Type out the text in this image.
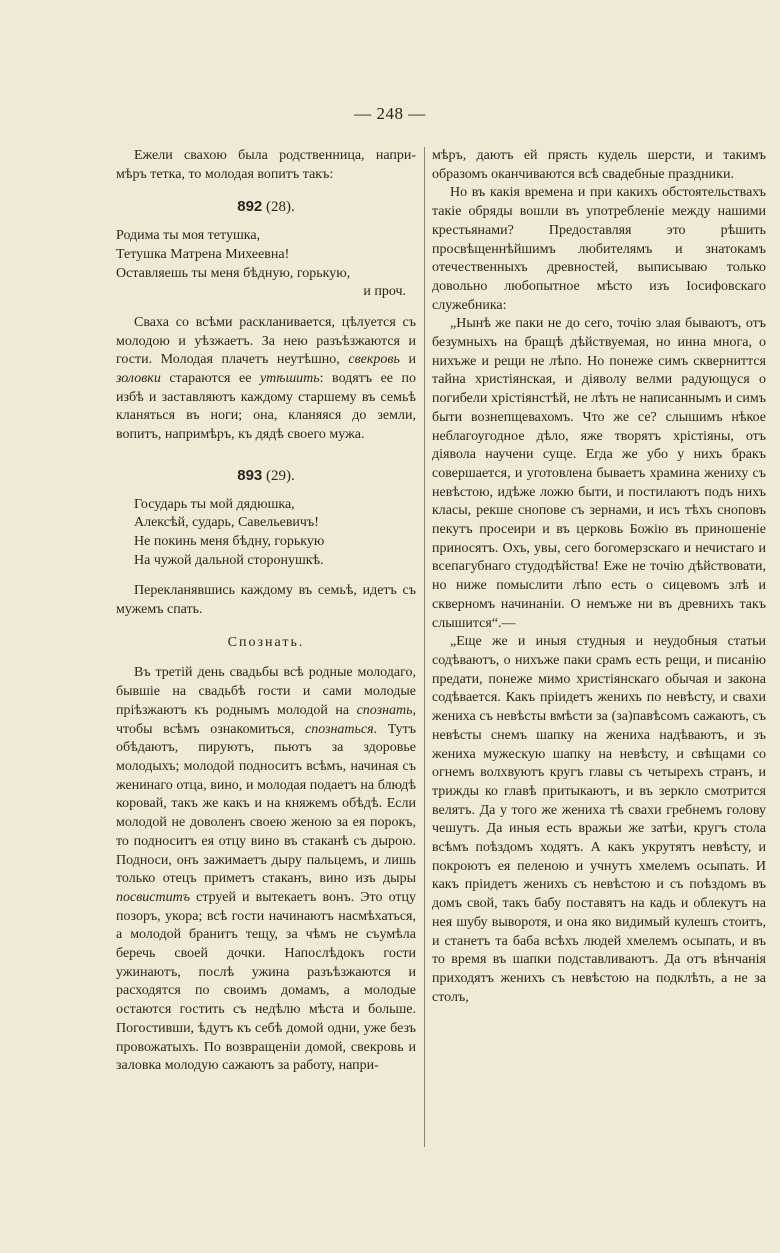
— 248 —

Ежели свахою была родственница, напри- мѣръ тетка, то молодая вопитъ такъ:

892 (28).
Родима ты моя тетушка,
Тетушка Матрена Михеевна!
Оставляешь ты меня бѣдную, горькую,
и проч.

Сваха со всѣми раскланивается, цѣлуется съ молодою и уѣзжаетъ. За нею разъѣзжаются и гости. Молодая плачетъ неутѣшно, свекровь и золовки стараются ее утѣшить: водятъ ее по избѣ и заставляютъ каждому старшему въ семьѣ кланяться въ ноги; она, кланяяся до земли, вопитъ, напримѣръ, къ дядѣ своего мужа.

893 (29).
Государь ты мой дядюшка,
Алексѣй, сударь, Савельевичъ!
Не покинь меня бѣдну, горькую
На чужой дальной сторонушкѣ.

Перекланявшись каждому въ семьѣ, идетъ съ мужемъ спать.

Спознать.

Въ третій день свадьбы всѣ родные молодаго, бывшіе на свадьбѣ гости и сами молодые пріѣзжаютъ къ роднымъ молодой на спознать, чтобы всѣмъ ознакомиться, спознаться. Тутъ обѣдаютъ, пируютъ, пьютъ за здоровье молодыхъ; молодой подноситъ всѣмъ, начиная съ женинаго отца, вино, и молодая подаетъ на блюдѣ коровай, такъ же какъ и на княжемъ обѣдѣ. Если молодой не доволенъ своею женою за ея порокъ, то подноситъ ея отцу вино въ стаканѣ съ дырою. Подноси, онъ зажимаетъ дыру пальцемъ, и лишь только отецъ приметъ стаканъ, вино изъ дыры посвиститъ струей и вытекаетъ вонъ. Это отцу позоръ, укора; всѣ гости начинаютъ насмѣхаться, а молодой бранитъ тещу, за чѣмъ не съумѣла беречь своей дочки. Напослѣдокъ гости ужинаютъ, послѣ ужина разъѣзжаются и расходятся по своимъ домамъ, а молодые остаются гостить съ недѣлю мѣста и больше. Погостивши, ѣдутъ къ себѣ домой одни, уже безъ провожатыхъ. По возвращеніи домой, свекровь и заловка молодую сажаютъ за работу, напри-

мѣръ, даютъ ей прясть кудель шерсти, и такимъ образомъ оканчиваются всѣ свадебные праздники.

Но въ какія времена и при какихъ обстоятельствахъ такіе обряды вошли въ употребленіе между нашими крестьянами? Предоставляя это рѣшить просвѣщеннѣйшимъ любителямъ и знатокамъ отечественныхъ древностей, выписываю только довольно любопытное мѣсто изъ Іосифовскаго служебника:

„Нынѣ же паки не до сего, точію злая бываютъ, отъ безумныхъ на бращѣ дѣйствуемая, но инна многа, о нихъже и рещи не лѣпо. Но понеже симъ скверниттся тайна христіянская, и діяволу велми радующуся о погибели хрістіянстѣй, не лѣть не написаннымъ и симъ быти вознепщевахомъ. Что же се? слышимъ нѣкое неблагоугодное дѣло, яже творятъ хрістіяны, отъ діявола научени суще. Егда же убо у нихъ бракъ совершается, и уготовлена бываетъ храмина жениху съ невѣстою, идѣже ложю быти, и постилаютъ подъ нихъ класы, рекше снопове съ зернами, и исъ тѣхъ сноповъ пекутъ просеири и въ церковь Божію въ приношеніе приносятъ. Охъ, увы, сего богомерзскаго и нечистаго и всепагубнаго студодѣйства! Еже не точію дѣйствовати, но ниже помыслити лѣпо есть о сицевомъ злѣ и скверномъ начинаніи. О немъже ни въ древнихъ такъ слышится“.—

„Еще же и иныя студныя и неудобныя статьи содѣваютъ, о нихъже паки срамъ есть рещи, и писанію предати, понеже мимо христіянскаго обычая и закона содѣвается. Какъ пріидетъ женихъ по невѣсту, и свахи жениха съ невѣсты вмѣсти за (за)павѣсомъ сажаютъ, съ невѣсты снемъ шапку на жениха надѣваютъ, и зъ жениха мужескую шапку на невѣсту, и свѣщами со огнемъ волхвуютъ кругъ главы съ четырехъ странъ, и трижды ко главѣ притыкаютъ, и въ зеркло смотрится велятъ. Да у того же жениха тѣ свахи гребнемъ голову чешутъ. Да иныя есть вражьи же затѣи, кругъ стола всѣмъ поѣздомъ ходятъ. А какъ укрутятъ невѣсту, и покроютъ ея пеленою и учнутъ хмелемъ осыпать. И какъ пріидетъ женихъ съ невѣстою и съ поѣздомъ въ домъ свой, такъ бабу поставятъ на кадь и облекутъ на нея шубу выворотя, и она яко видимый кулешъ стоитъ, и станетъ та баба всѣхъ людей хмелемъ осыпать, и въ то время въ шапки подставливаютъ. Да отъ вѣнчанія приходятъ женихъ съ невѣстою на подклѣть, а не за столъ,
